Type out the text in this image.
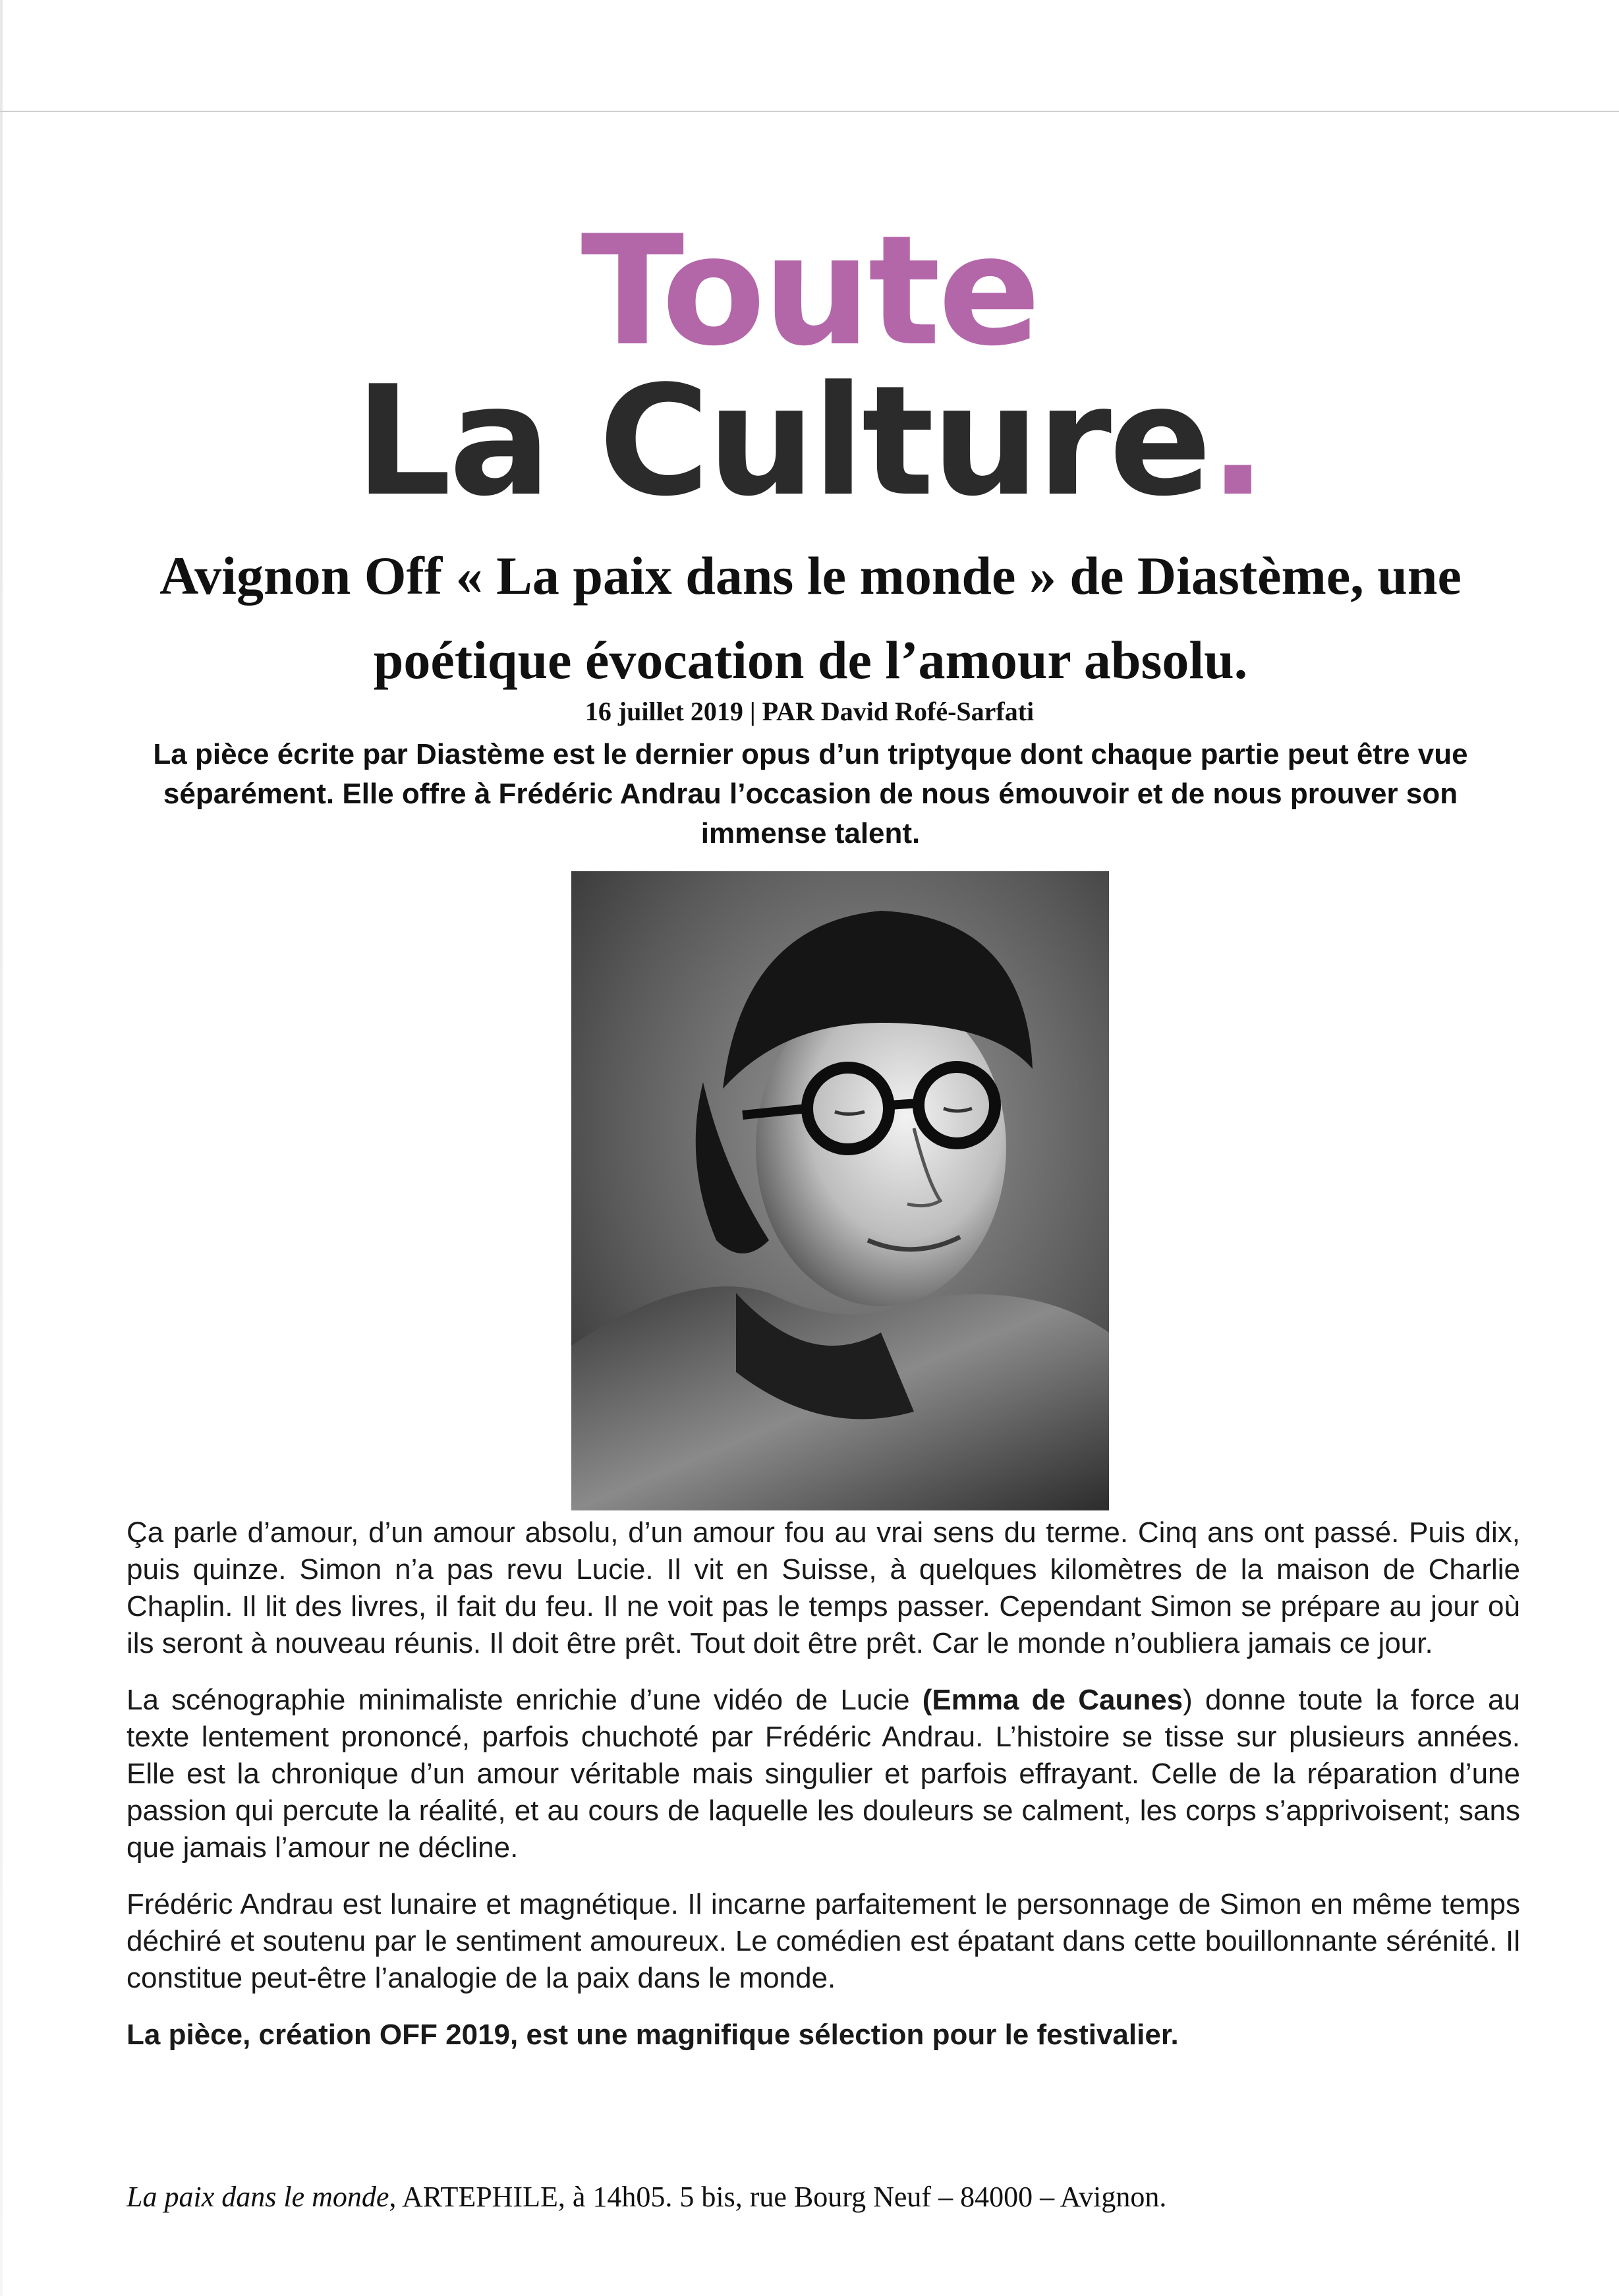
Toute
La Culture.
Avignon Off « La paix dans le monde » de Diastème, une poétique évocation de l’amour absolu.
16 juillet 2019 | PAR David Rofé-Sarfati
La pièce écrite par Diastème est le dernier opus d’un triptyque dont chaque partie peut être vue séparément. Elle offre à Frédéric Andrau l’occasion de nous émouvoir et de nous prouver son immense talent.

Ça parle d’amour, d’un amour absolu, d’un amour fou au vrai sens du terme. Cinq ans ont passé. Puis dix, puis quinze. Simon n’a pas revu Lucie. Il vit en Suisse, à quelques kilomètres de la maison de Charlie Chaplin. Il lit des livres, il fait du feu. Il ne voit pas le temps passer. Cependant Simon se prépare au jour où ils seront à nouveau réunis. Il doit être prêt. Tout doit être prêt. Car le monde n’oubliera jamais ce jour.

La scénographie minimaliste enrichie d’une vidéo de Lucie (Emma de Caunes) donne toute la force au texte lentement prononcé, parfois chuchoté par Frédéric Andrau. L’histoire se tisse sur plusieurs années. Elle est la chronique d’un amour véritable mais singulier et parfois effrayant. Celle de la réparation d’une passion qui percute la réalité, et au cours de laquelle les douleurs se calment, les corps s’apprivoisent; sans que jamais l’amour ne décline.

Frédéric Andrau est lunaire et magnétique. Il incarne parfaitement le personnage de Simon en même temps déchiré et soutenu par le sentiment amoureux. Le comédien est épatant dans cette bouillonnante sérénité. Il constitue peut-être l’analogie de la paix dans le monde.

La pièce, création OFF 2019, est une magnifique sélection pour le festivalier.

La paix dans le monde, ARTEPHILE, à 14h05. 5 bis, rue Bourg Neuf – 84000 – Avignon.
